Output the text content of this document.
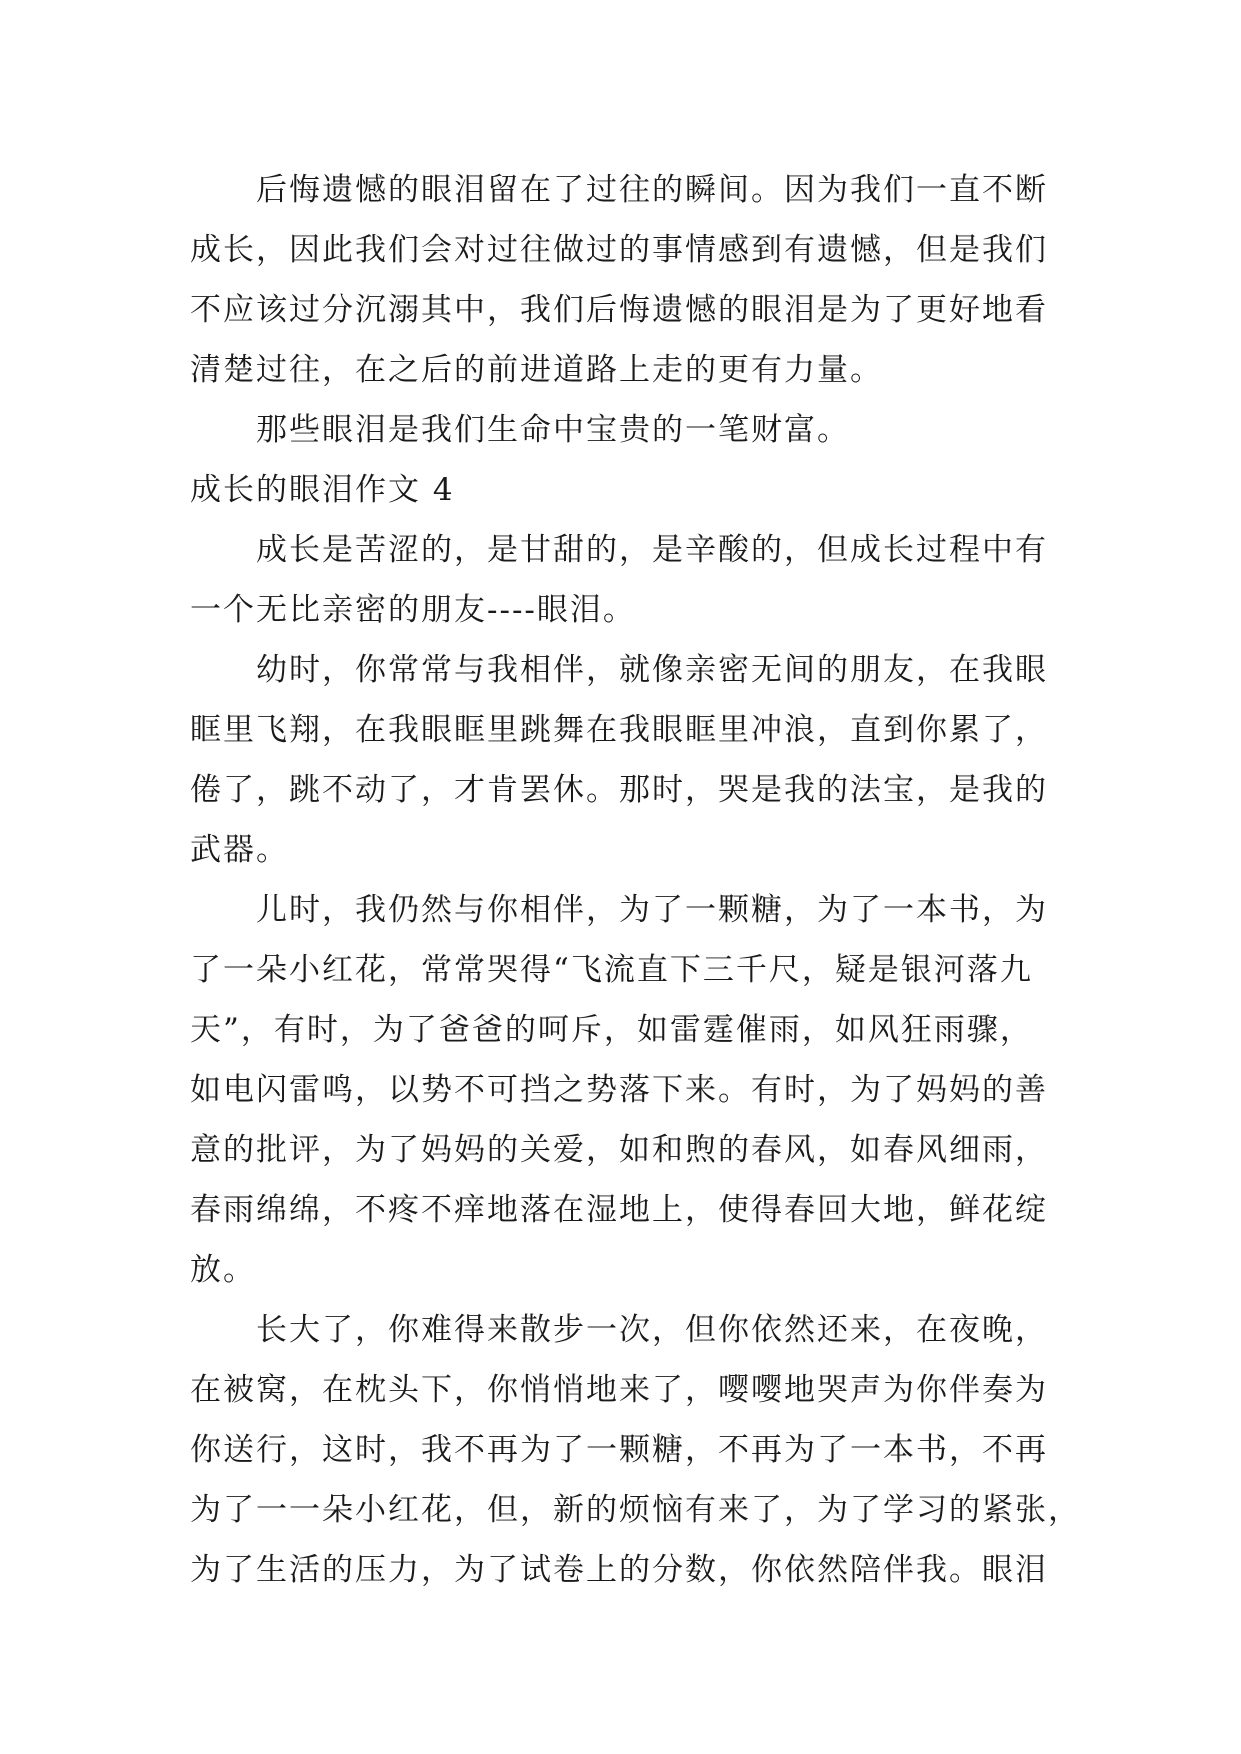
后悔遗憾的眼泪留在了过往的瞬间。因为我们一直不断
成长，因此我们会对过往做过的事情感到有遗憾，但是我们
不应该过分沉溺其中，我们后悔遗憾的眼泪是为了更好地看
清楚过往，在之后的前进道路上走的更有力量。
那些眼泪是我们生命中宝贵的一笔财富。
成长的眼泪作文 4
成长是苦涩的，是甘甜的，是辛酸的，但成长过程中有
一个无比亲密的朋友----眼泪。
幼时，你常常与我相伴，就像亲密无间的朋友，在我眼
眶里飞翔，在我眼眶里跳舞在我眼眶里冲浪，直到你累了，
倦了，跳不动了，才肯罢休。那时，哭是我的法宝，是我的
武器。
儿时，我仍然与你相伴，为了一颗糖，为了一本书，为
了一朵小红花，常常哭得“飞流直下三千尺，疑是银河落九
天”，有时，为了爸爸的呵斥，如雷霆催雨，如风狂雨骤，
如电闪雷鸣，以势不可挡之势落下来。有时，为了妈妈的善
意的批评，为了妈妈的关爱，如和煦的春风，如春风细雨，
春雨绵绵，不疼不痒地落在湿地上，使得春回大地，鲜花绽
放。
长大了，你难得来散步一次，但你依然还来，在夜晚，
在被窝，在枕头下，你悄悄地来了，嘤嘤地哭声为你伴奏为
你送行，这时，我不再为了一颗糖，不再为了一本书，不再
为了一一朵小红花，但，新的烦恼有来了，为了学习的紧张，
为了生活的压力，为了试卷上的分数，你依然陪伴我。眼泪
